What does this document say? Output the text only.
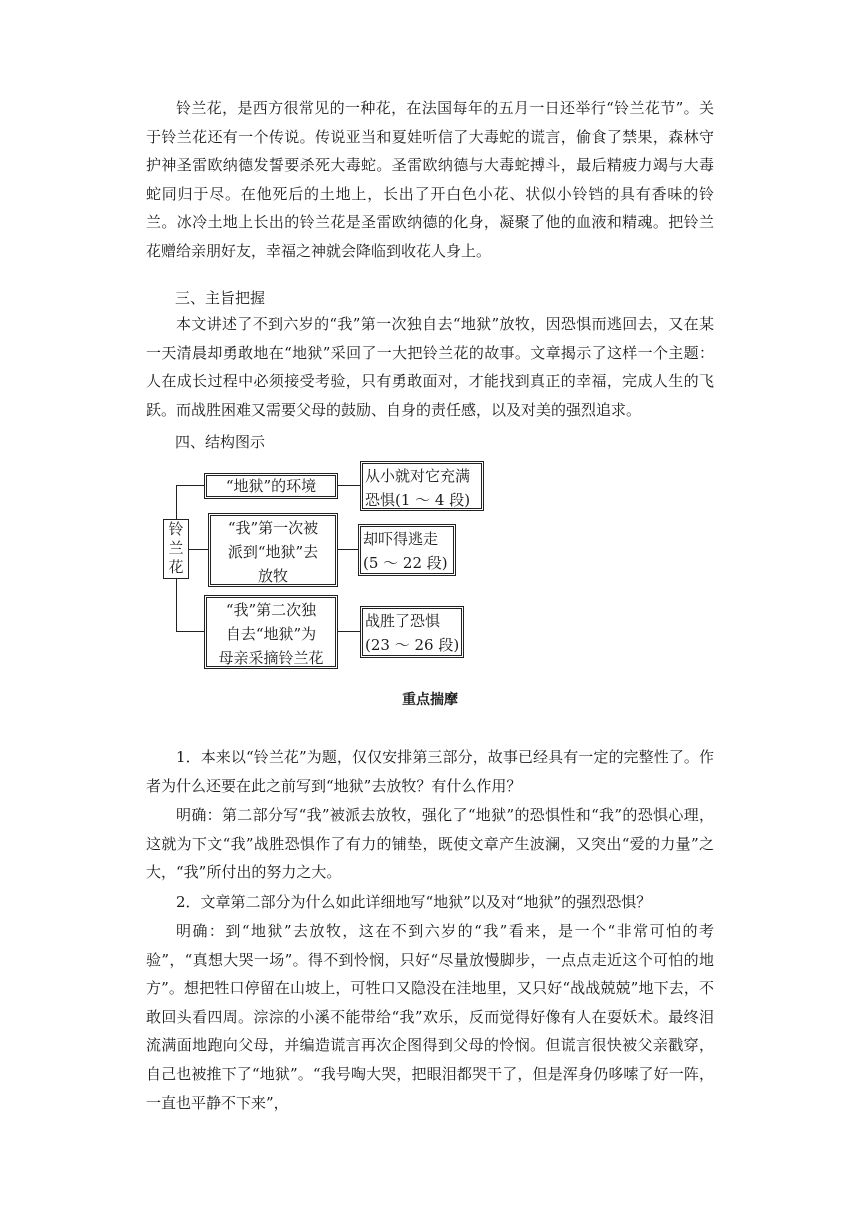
铃兰花，是西方很常见的一种花，在法国每年的五月一日还举行“铃兰花节”。关于铃兰花还有一个传说。传说亚当和夏娃听信了大毒蛇的谎言，偷食了禁果，森林守护神圣雷欧纳德发誓要杀死大毒蛇。圣雷欧纳德与大毒蛇搏斗，最后精疲力竭与大毒蛇同归于尽。在他死后的土地上，长出了开白色小花、状似小铃铛的具有香味的铃兰。冰冷土地上长出的铃兰花是圣雷欧纳德的化身，凝聚了他的血液和精魂。把铃兰花赠给亲朋好友，幸福之神就会降临到收花人身上。

三、主旨把握

本文讲述了不到六岁的“我”第一次独自去“地狱”放牧，因恐惧而逃回去，又在某一天清晨却勇敢地在“地狱”采回了一大把铃兰花的故事。文章揭示了这样一个主题：人在成长过程中必须接受考验，只有勇敢面对，才能找到真正的幸福，完成人生的飞跃。而战胜困难又需要父母的鼓励、自身的责任感，以及对美的强烈追求。

四、结构图示

铃
兰
花
“地狱”的环境
从小就对它充满
恐惧(1 ～ 4 段)
“我”第一次被
派到“地狱”去
放牧
却吓得逃走
(5 ～ 22 段)
“我”第二次独
自去“地狱”为
母亲采摘铃兰花
战胜了恐惧
(23 ～ 26 段)

重点揣摩

1．本来以“铃兰花”为题，仅仅安排第三部分，故事已经具有一定的完整性了。作者为什么还要在此之前写到“地狱”去放牧？有什么作用？

明确：第二部分写“我”被派去放牧，强化了“地狱”的恐惧性和“我”的恐惧心理，这就为下文“我”战胜恐惧作了有力的铺垫，既使文章产生波澜，又突出“爱的力量”之大，“我”所付出的努力之大。

2．文章第二部分为什么如此详细地写“地狱”以及对“地狱”的强烈恐惧？

明确：到“地狱”去放牧，这在不到六岁的“我”看来，是一个“非常可怕的考验”，“真想大哭一场”。得不到怜悯，只好“尽量放慢脚步，一点点走近这个可怕的地方”。想把牲口停留在山坡上，可牲口又隐没在洼地里，又只好“战战兢兢”地下去，不敢回头看四周。淙淙的小溪不能带给“我”欢乐，反而觉得好像有人在耍妖术。最终泪流满面地跑向父母，并编造谎言再次企图得到父母的怜悯。但谎言很快被父亲戳穿，自己也被推下了“地狱”。“我号啕大哭，把眼泪都哭干了，但是浑身仍哆嗦了好一阵，一直也平静不下来”，
